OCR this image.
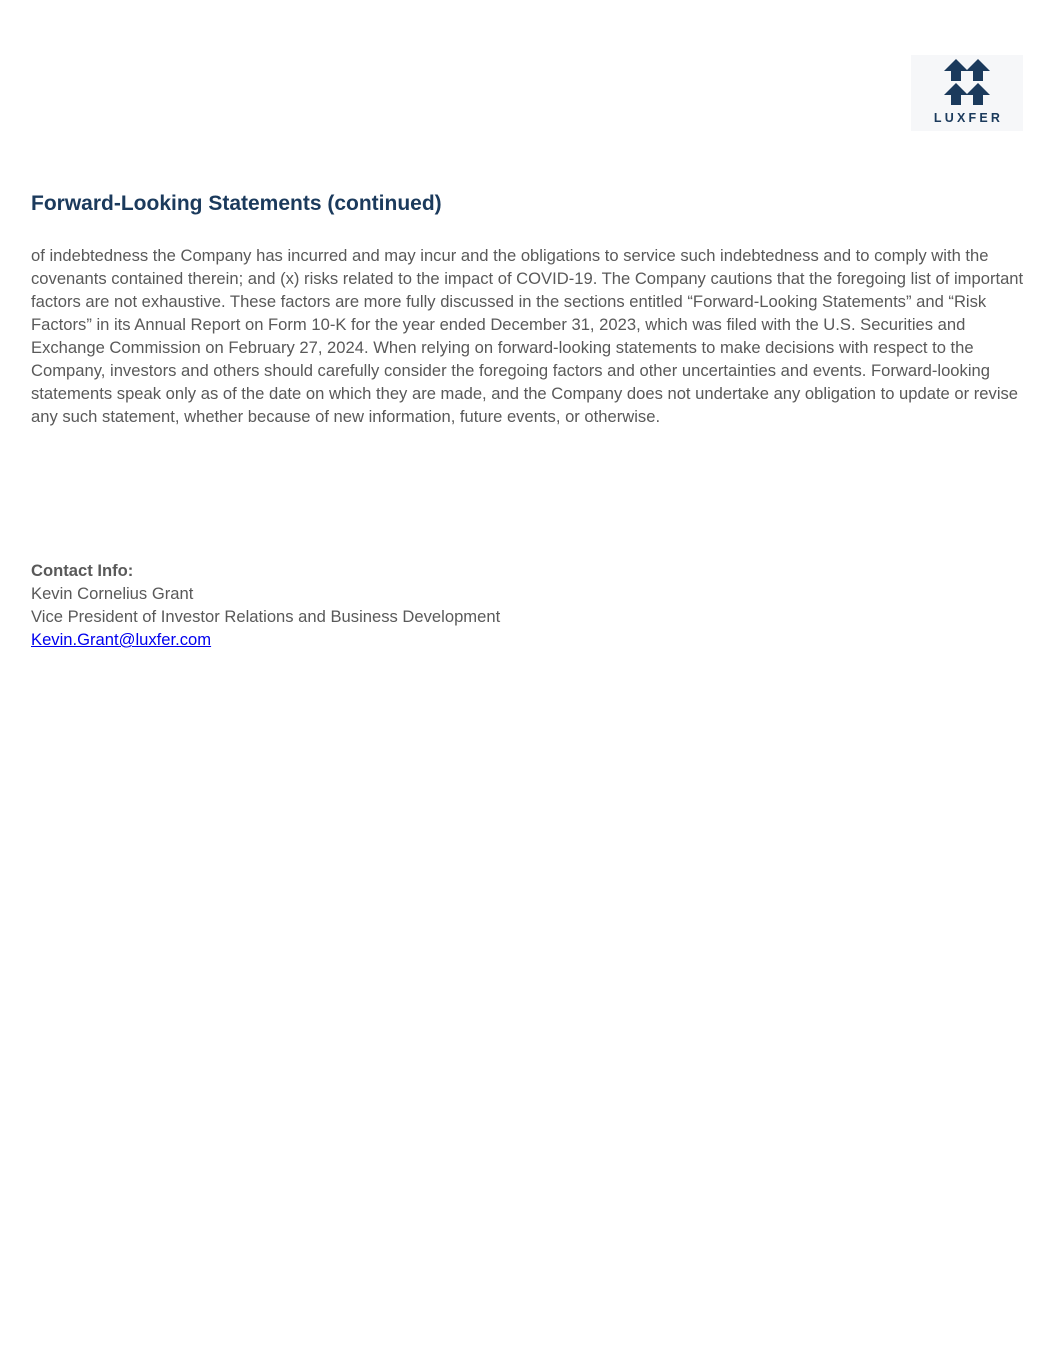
LUXFER
Forward-Looking Statements (continued)

of indebtedness the Company has incurred and may incur and the obligations to service such indebtedness and to comply with the covenants contained therein; and (x) risks related to the impact of COVID-19. The Company cautions that the foregoing list of important factors are not exhaustive. These factors are more fully discussed in the sections entitled “Forward-Looking Statements” and “Risk Factors” in its Annual Report on Form 10-K for the year ended December 31, 2023, which was filed with the U.S. Securities and Exchange Commission on February 27, 2024. When relying on forward-looking statements to make decisions with respect to the Company, investors and others should carefully consider the foregoing factors and other uncertainties and events. Forward-looking statements speak only as of the date on which they are made, and the Company does not undertake any obligation to update or revise any such statement, whether because of new information, future events, or otherwise.

Contact Info:
Kevin Cornelius Grant
Vice President of Investor Relations and Business Development
Kevin.Grant@luxfer.com
